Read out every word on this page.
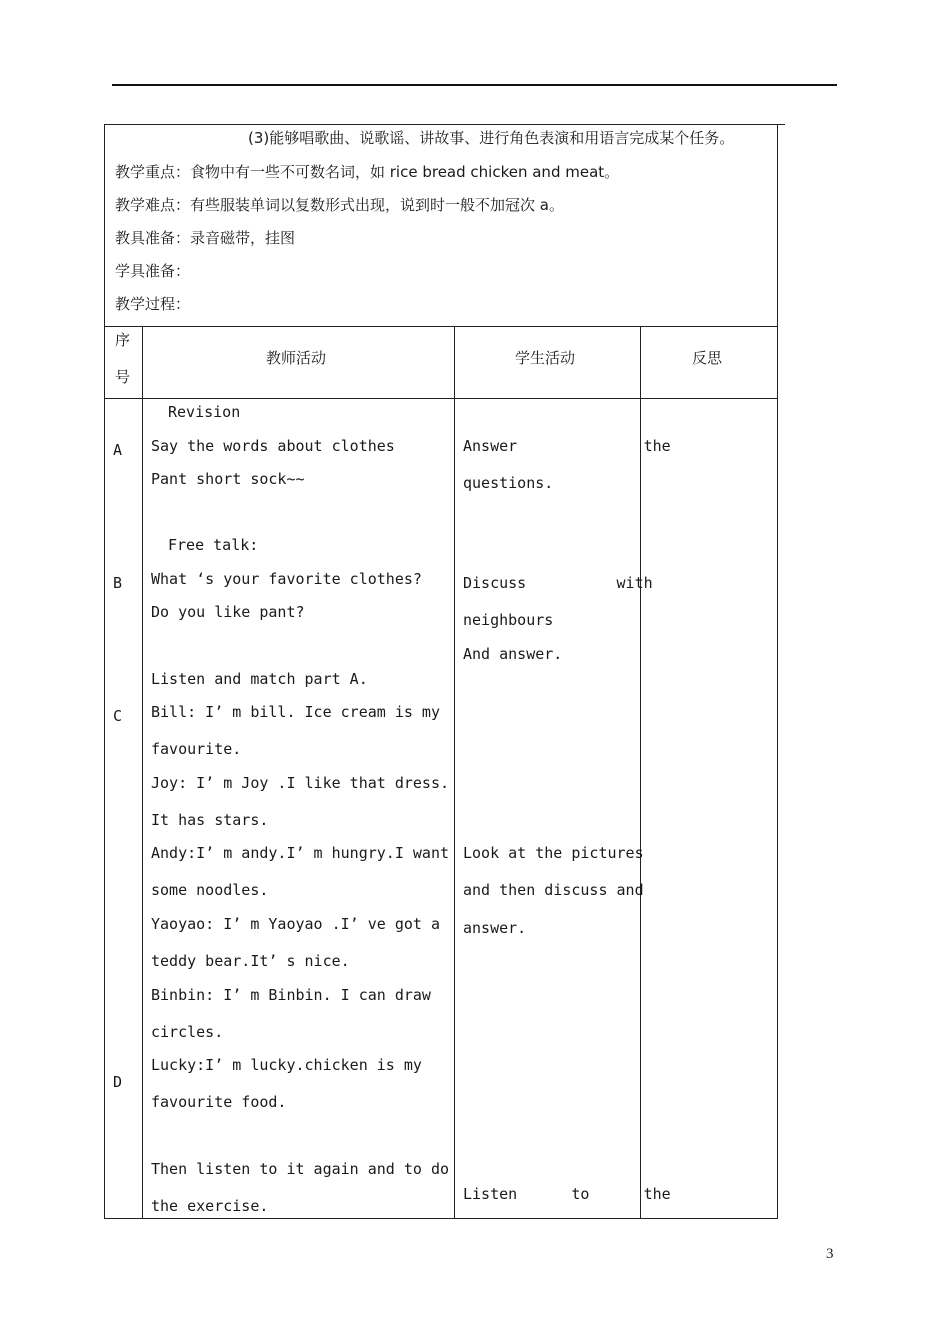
(3)能够唱歌曲、说歌谣、讲故事、进行角色表演和用语言完成某个任务。
教学重点：食物中有一些不可数名词，如 rice bread chicken and meat。
教学难点：有些服装单词以复数形式出现，说到时一般不加冠次 a。
教具准备：录音磁带，挂图
学具准备：
教学过程：
序
号
教师活动	学生活动	反思
A
B
C
D
Revision
Say the words about clothes
Pant short sock~~
Free talk:
What ‘s your favorite clothes?
Do you like pant?
Listen and match part A.
Bill: I’ m bill. Ice cream is my
favourite.
Joy: I’ m Joy .I like that dress.
It has stars.
Andy:I’ m andy.I’ m hungry.I want
some noodles.
Yaoyao: I’ m Yaoyao .I’ ve got a
teddy bear.It’ s nice.
Binbin: I’ m Binbin. I can draw
circles.
Lucky:I’ m lucky.chicken is my
favourite food.
Then listen to it again and to do
the exercise.
Answer              the
questions.
Discuss          with
neighbours
And answer.
Look at the pictures
and then discuss and
answer.
Listen      to      the
3
